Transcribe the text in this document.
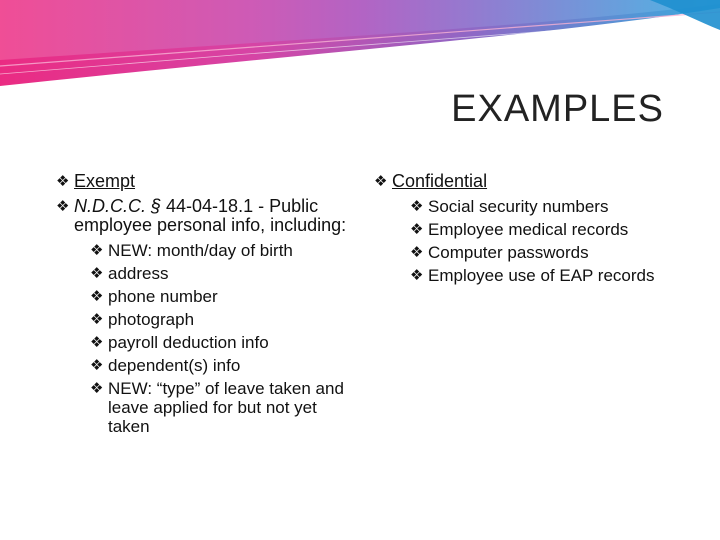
EXAMPLES
❖ Exempt
❖ N.D.C.C. § 44-04-18.1 - Public employee personal info, including:
❖ NEW: month/day of birth
❖ address
❖ phone number
❖ photograph
❖ payroll deduction info
❖ dependent(s) info
❖ NEW: “type” of leave taken and leave applied for but not yet taken
❖ Confidential
❖ Social security numbers
❖ Employee medical records
❖ Computer passwords
❖ Employee use of EAP records
